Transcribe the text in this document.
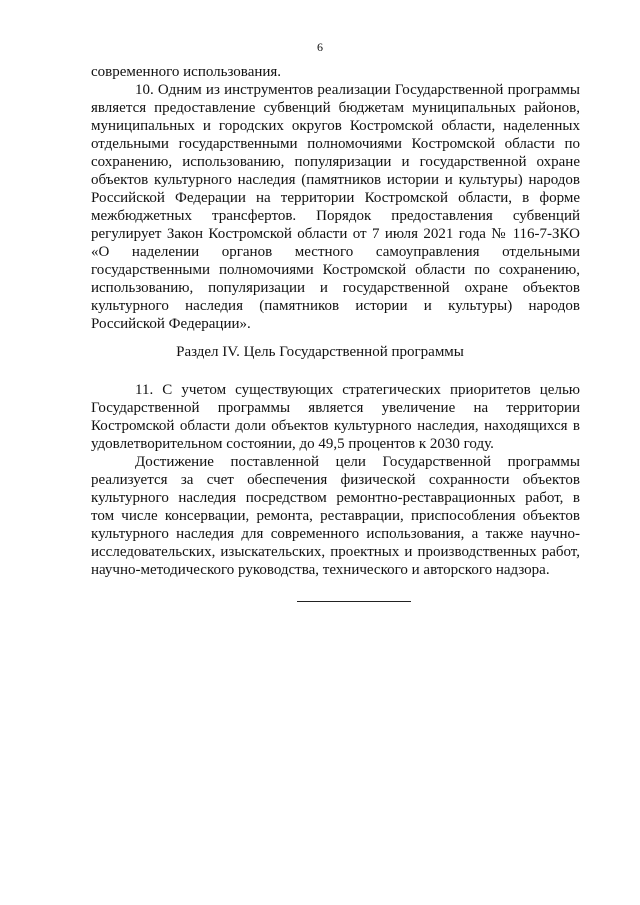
6
современного использования.
10. Одним из инструментов реализации Государственной программы
является предоставление субвенций бюджетам муниципальных районов,
муниципальных и городских округов Костромской области, наделенных
отдельными государственными полномочиями Костромской области по
сохранению, использованию, популяризации и государственной охране
объектов культурного наследия (памятников истории и культуры) народов
Российской Федерации на территории Костромской области, в форме
межбюджетных трансфертов. Порядок предоставления субвенций
регулирует Закон Костромской области от 7 июля 2021 года № 116-7-ЗКО
«О наделении органов местного самоуправления отдельными
государственными полномочиями Костромской области по сохранению,
использованию, популяризации и государственной охране объектов
культурного наследия (памятников истории и культуры) народов
Российской Федерации».
Раздел IV. Цель Государственной программы
11. С учетом существующих стратегических приоритетов целью
Государственной программы является увеличение на территории
Костромской области доли объектов культурного наследия, находящихся в
удовлетворительном состоянии, до 49,5 процентов к 2030 году.
Достижение поставленной цели Государственной программы
реализуется за счет обеспечения физической сохранности объектов
культурного наследия посредством ремонтно-реставрационных работ, в
том числе консервации, ремонта, реставрации, приспособления объектов
культурного наследия для современного использования, а также научно-
исследовательских, изыскательских, проектных и производственных работ,
научно-методического руководства, технического и авторского надзора.
